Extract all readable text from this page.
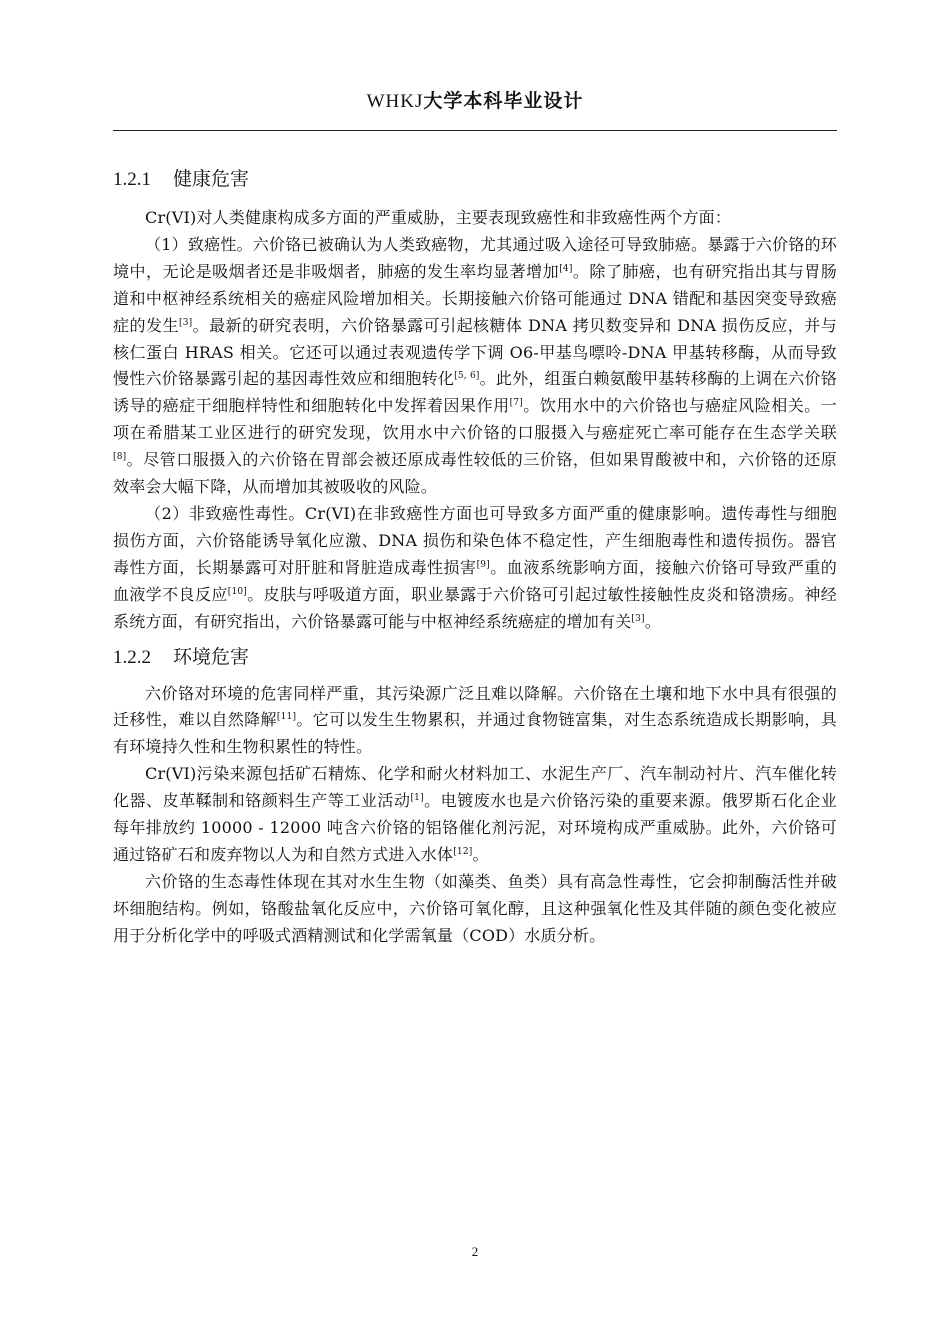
WHKJ大学本科毕业设计
1.2.1 健康危害

Cr(VI)对人类健康构成多方面的严重威胁，主要表现致癌性和非致癌性两个方面：

（1）致癌性。六价铬已被确认为人类致癌物，尤其通过吸入途径可导致肺癌。暴露于六价铬的环境中，无论是吸烟者还是非吸烟者，肺癌的发生率均显著增加[4]。除了肺癌，也有研究指出其与胃肠道和中枢神经系统相关的癌症风险增加相关。长期接触六价铬可能通过 DNA 错配和基因突变导致癌症的发生[3]。最新的研究表明，六价铬暴露可引起核糖体 DNA 拷贝数变异和 DNA 损伤反应，并与核仁蛋白 HRAS 相关。它还可以通过表观遗传学下调 O6-甲基鸟嘌呤-DNA 甲基转移酶，从而导致慢性六价铬暴露引起的基因毒性效应和细胞转化[5, 6]。此外，组蛋白赖氨酸甲基转移酶的上调在六价铬诱导的癌症干细胞样特性和细胞转化中发挥着因果作用[7]。饮用水中的六价铬也与癌症风险相关。一项在希腊某工业区进行的研究发现，饮用水中六价铬的口服摄入与癌症死亡率可能存在生态学关联[8]。尽管口服摄入的六价铬在胃部会被还原成毒性较低的三价铬，但如果胃酸被中和，六价铬的还原效率会大幅下降，从而增加其被吸收的风险。

（2）非致癌性毒性。Cr(VI)在非致癌性方面也可导致多方面严重的健康影响。遗传毒性与细胞损伤方面，六价铬能诱导氧化应激、DNA 损伤和染色体不稳定性，产生细胞毒性和遗传损伤。器官毒性方面，长期暴露可对肝脏和肾脏造成毒性损害[9]。血液系统影响方面，接触六价铬可导致严重的血液学不良反应[10]。皮肤与呼吸道方面，职业暴露于六价铬可引起过敏性接触性皮炎和铬溃疡。神经系统方面，有研究指出，六价铬暴露可能与中枢神经系统癌症的增加有关[3]。

1.2.2 环境危害

六价铬对环境的危害同样严重，其污染源广泛且难以降解。六价铬在土壤和地下水中具有很强的迁移性，难以自然降解[11]。它可以发生生物累积，并通过食物链富集，对生态系统造成长期影响，具有环境持久性和生物积累性的特性。

Cr(VI)污染来源包括矿石精炼、化学和耐火材料加工、水泥生产厂、汽车制动衬片、汽车催化转化器、皮革鞣制和铬颜料生产等工业活动[1]。电镀废水也是六价铬污染的重要来源。俄罗斯石化企业每年排放约 10000 - 12000 吨含六价铬的铝铬催化剂污泥，对环境构成严重威胁。此外，六价铬可通过铬矿石和废弃物以人为和自然方式进入水体[12]。

六价铬的生态毒性体现在其对水生生物（如藻类、鱼类）具有高急性毒性，它会抑制酶活性并破坏细胞结构。例如，铬酸盐氧化反应中，六价铬可氧化醇，且这种强氧化性及其伴随的颜色变化被应用于分析化学中的呼吸式酒精测试和化学需氧量（COD）水质分析。

2
